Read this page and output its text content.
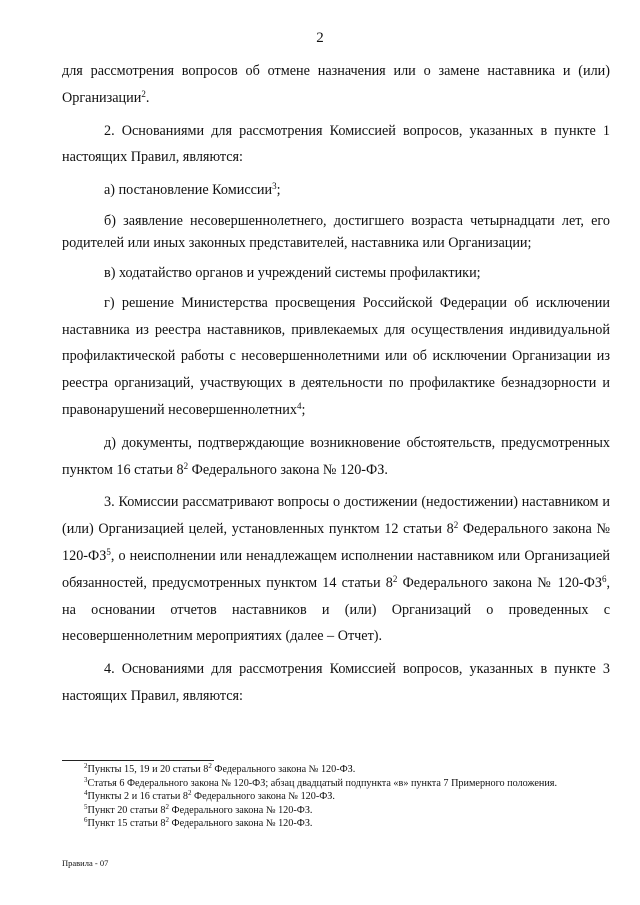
2

для рассмотрения вопросов об отмене назначения или о замене наставника и (или) Организации$^2$.

2. Основаниями для рассмотрения Комиссией вопросов, указанных в пункте 1 настоящих Правил, являются:

а) постановление Комиссии$^3$;

б) заявление несовершеннолетнего, достигшего возраста четырнадцати лет, его родителей или иных законных представителей, наставника или Организации;

в) ходатайство органов и учреждений системы профилактики;

г) решение Министерства просвещения Российской Федерации об исключении наставника из реестра наставников, привлекаемых для осуществления индивидуальной профилактической работы с несовершеннолетними или об исключении Организации из реестра организаций, участвующих в деятельности по профилактике безнадзорности и правонарушений несовершеннолетних$^4$;

д) документы, подтверждающие возникновение обстоятельств, предусмотренных пунктом 16 статьи $8^2$ Федерального закона № 120-ФЗ.

3. Комиссии рассматривают вопросы о достижении (недостижении) наставником и (или) Организацией целей, установленных пунктом 12 статьи $8^2$ Федерального закона № $120-ФЗ^5$, о неисполнении или ненадлежащем исполнении наставником или Организацией обязанностей, предусмотренных пунктом 14 статьи $8^2$ Федерального закона № $120-ФЗ^6$, на основании отчетов наставников и (или) Организаций о проведенных с несовершеннолетним мероприятиях (далее – Отчет).

4. Основаниями для рассмотрения Комиссией вопросов, указанных в пункте 3 настоящих Правил, являются:

$^2$Пункты 15, 19 и 20 статьи $8^2$ Федерального закона № 120-ФЗ.

$^3$Статья 6 Федерального закона № 120-ФЗ; абзац двадцатый подпункта «в» пункта 7 Примерного положения.

$^4$Пункты 2 и 16 статьи $8^2$ Федерального закона № 120-ФЗ.

$^5$Пункт 20 статьи $8^2$ Федерального закона № 120-ФЗ.

$^6$Пункт 15 статьи $8^2$ Федерального закона № 120-ФЗ.

Правила - 07
